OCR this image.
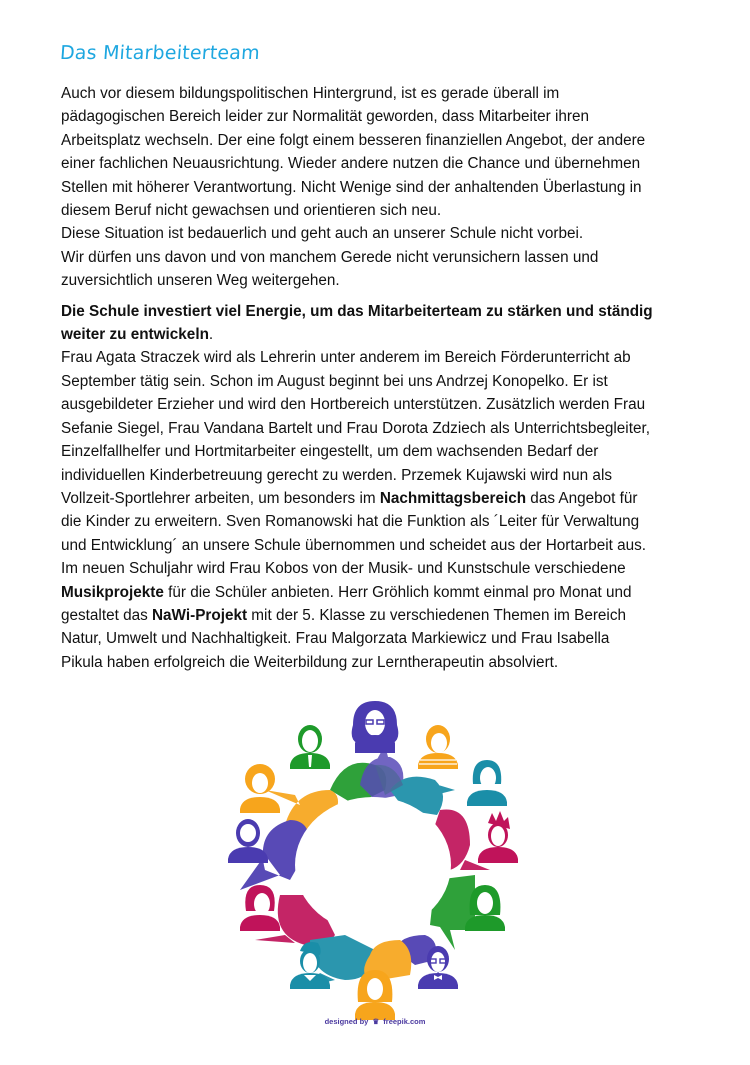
Das Mitarbeiterteam

Auch vor diesem bildungspolitischen Hintergrund, ist es gerade überall im

pädagogischen Bereich leider zur Normalität geworden, dass Mitarbeiter ihren

Arbeitsplatz wechseln. Der eine folgt einem besseren finanziellen Angebot, der andere

einer fachlichen Neuausrichtung. Wieder andere nutzen die Chance und übernehmen

Stellen mit höherer Verantwortung. Nicht Wenige sind der anhaltenden Überlastung in

diesem Beruf nicht gewachsen und orientieren sich neu.

Diese Situation ist bedauerlich und geht auch an unserer Schule nicht vorbei.

Wir dürfen uns davon und von manchem Gerede nicht verunsichern lassen und

zuversichtlich unseren Weg weitergehen.

Die Schule investiert viel Energie, um das Mitarbeiterteam zu stärken und ständig

weiter zu entwickeln.

Frau Agata Straczek wird als Lehrerin unter anderem im Bereich Förderunterricht ab

September tätig sein. Schon im August beginnt bei uns Andrzej Konopelko. Er ist

ausgebildeter Erzieher und wird den Hortbereich unterstützen. Zusätzlich werden Frau

Sefanie Siegel, Frau Vandana Bartelt und Frau Dorota Zdziech als Unterrichtsbegleiter,

Einzelfallhelfer und Hortmitarbeiter eingestellt, um dem wachsenden Bedarf der

individuellen Kinderbetreuung gerecht zu werden. Przemek Kujawski wird nun als

Vollzeit-Sportlehrer arbeiten, um besonders im Nachmittagsbereich das Angebot für

die Kinder zu erweitern. Sven Romanowski hat die Funktion als ´Leiter für Verwaltung

und Entwicklung´ an unsere Schule übernommen und scheidet aus der Hortarbeit aus.

Im neuen Schuljahr wird Frau Kobos von der Musik- und Kunstschule verschiedene

Musikprojekte für die Schüler anbieten. Herr Gröhlich kommt einmal pro Monat und

gestaltet das NaWi-Projekt mit der 5. Klasse zu verschiedenen Themen im Bereich

Natur, Umwelt und Nachhaltigkeit. Frau Malgorzata Markiewicz und Frau Isabella

Pikula haben erfolgreich die Weiterbildung zur Lerntherapeutin absolviert.

designed by ♛ freepik.com
